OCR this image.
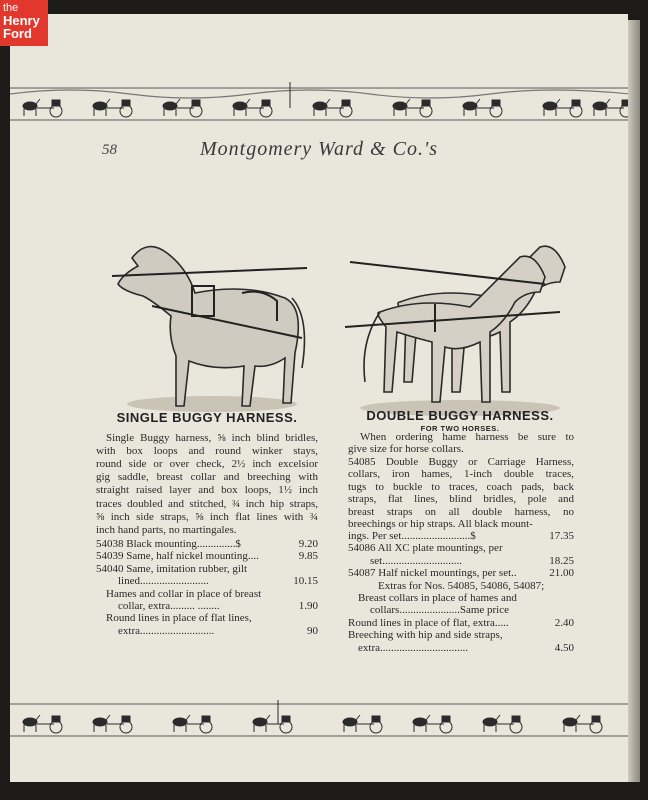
58	Montgomery Ward & Co.'s
SINGLE BUGGY HARNESS.
Single Buggy harness, ⅝ inch blind bridles,
with box loops and round winker stays,
round side or over check, 2½ inch excelsior
gig saddle, breast collar and breeching with
straight raised layer and box loops, 1½ inch
traces doubled and stitched, ¾ inch hip straps,
⅝ inch side straps, ⅝ inch flat lines with ¾
inch hand parts, no martingales.
54038 Black mounting..............$	9.20
54039 Same, half nickel mounting....	9.85
54040 Same, imitation rubber, gilt
lined.........................	10.15
Hames and collar in place of breast
collar, extra......... ........	1.90
Round lines in place of flat lines,
extra...........................	90
DOUBLE BUGGY HARNESS.
FOR TWO HORSES.
When ordering hame harness be sure to
give size for horse collars.
54085 Double Buggy or Carriage Harness,
collars, iron hames, 1-inch double traces,
tugs to buckle to traces, coach pads, back
straps, flat lines, blind bridles, pole and
breast straps on all double harness, no
breechings or hip straps. All black mount-
ings. Per set.........................$	17.35
54086 All XC plate mountings, per
set.............................	18.25
54087 Half nickel mountings, per set..	21.00
Extras for Nos. 54085, 54086, 54087;
Breast collars in place of hames and
collars......................Same price
Round lines in place of flat, extra.....	2.40
Breeching with hip and side straps,
extra................................	4.50
the
Henry
Ford
